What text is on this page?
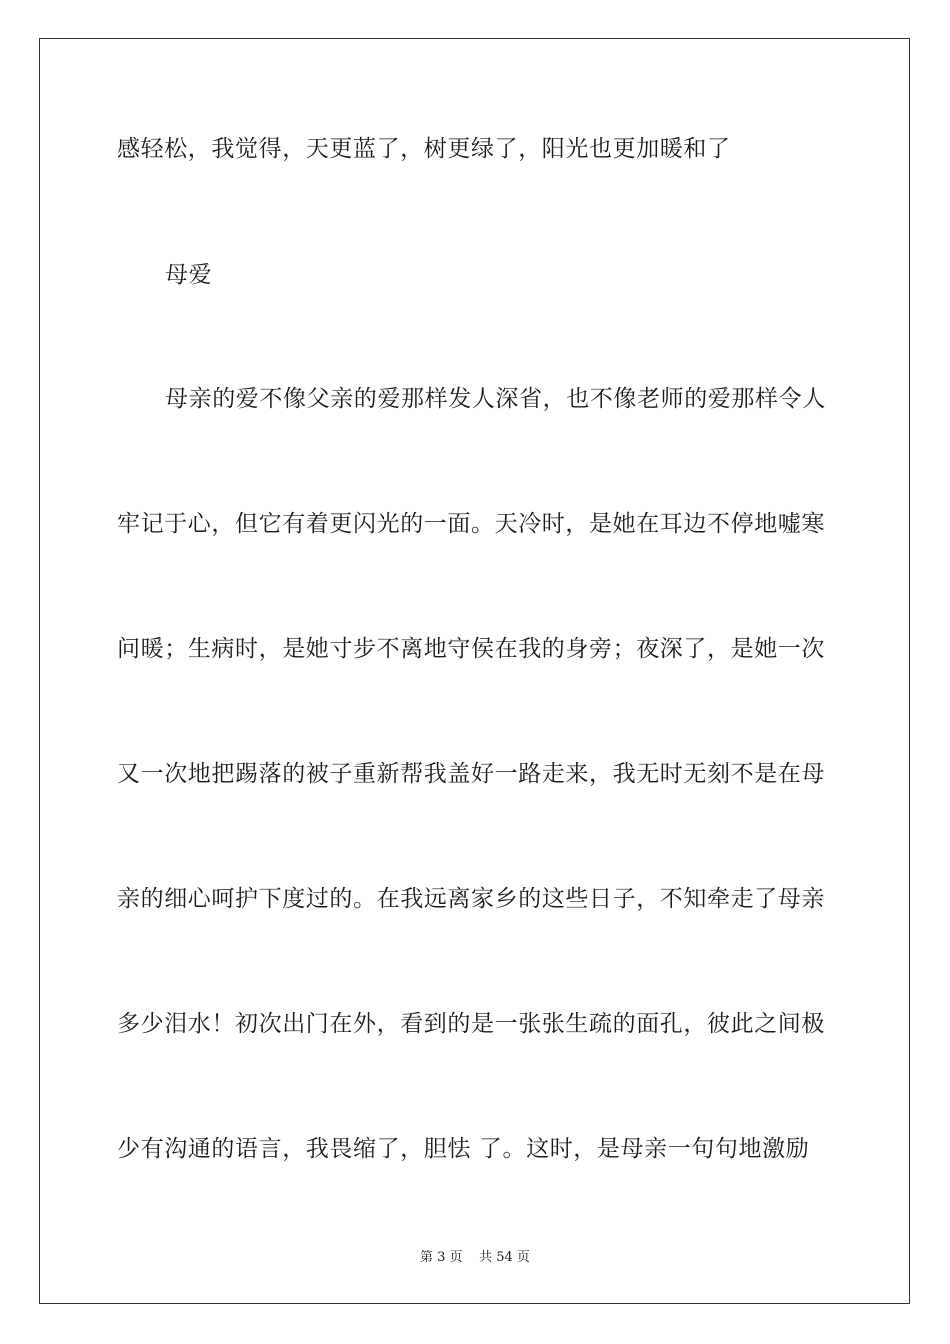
感轻松，我觉得，天更蓝了，树更绿了，阳光也更加暖和了
母爱
母亲的爱不像父亲的爱那样发人深省，也不像老师的爱那样令人
牢记于心，但它有着更闪光的一面。天冷时，是她在耳边不停地嘘寒
问暖；生病时，是她寸步不离地守侯在我的身旁；夜深了，是她一次
又一次地把踢落的被子重新帮我盖好一路走来，我无时无刻不是在母
亲的细心呵护下度过的。在我远离家乡的这些日子，不知牵走了母亲
多少泪水！初次出门在外，看到的是一张张生疏的面孔，彼此之间极
少有沟通的语言，我畏缩了，胆怯 了。这时，是母亲一句句地激励
第 3 页 共 54 页
